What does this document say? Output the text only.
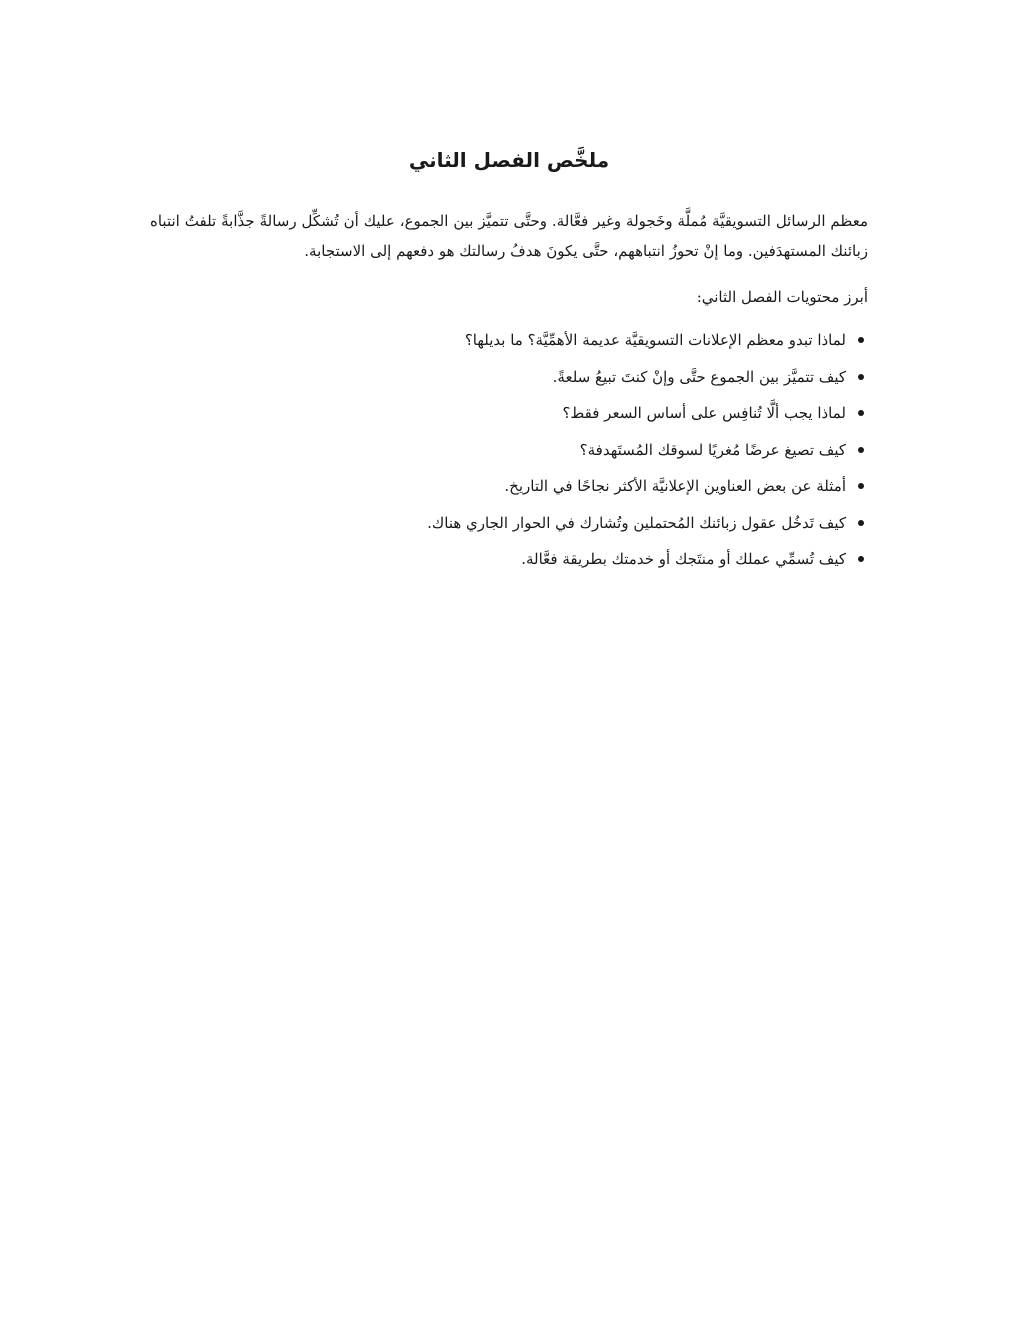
ملخَّص الفصل الثاني

معظم الرسائل التسويقيَّة مُملَّة وخَجولة وغير فعَّالة. وحتَّى تتميَّز بين الجموع، عليك أن تُشكِّل رسالةً جذَّابةً تلفتُ انتباه زبائنك المستهدَفين. وما إنْ تحوزُ انتباههم، حتَّى يكونَ هدفُ رسالتك هو دفعهم إلى الاستجابة.

أبرز محتويات الفصل الثاني:

لماذا تبدو معظم الإعلانات التسويقيَّة عديمة الأهمِّيَّة؟ ما بديلها؟
كيف تتميَّز بين الجموع حتَّى وإنْ كنتَ تبيعُ سلعةً.
لماذا يجب ألَّا تُنافِس على أساس السعر فقط؟
كيف تصيغ عرضًا مُغريًا لسوقك المُستَهدفة؟
أمثلة عن بعض العناوين الإعلانيَّة الأكثر نجاحًا في التاريخ.
كيف تَدخُل عقول زبائنك المُحتملين وتُشارك في الحوار الجاري هناك.
كيف تُسمِّي عملك أو منتَجك أو خدمتك بطريقة فعَّالة.
